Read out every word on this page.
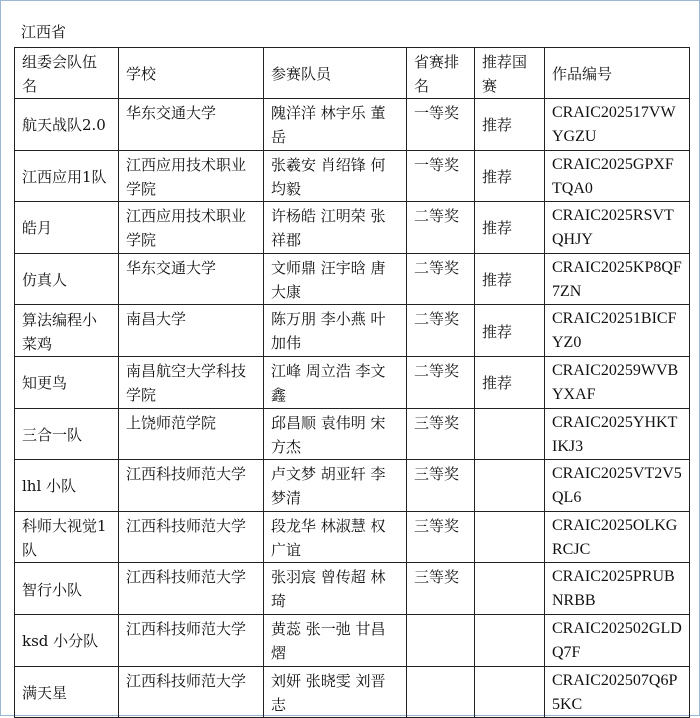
江西省
组委会队伍名	学校	参赛队员	省赛排名	推荐国赛	作品编号
航天战队2.0	华东交通大学	隗洋洋 林宇乐 董岳	一等奖	推荐	CRAIC202517VWYGZU
江西应用1队	江西应用技术职业学院	张羲安 肖绍锋 何均毅	一等奖	推荐	CRAIC2025GPXFTQA0
皓月	江西应用技术职业学院	许杨皓 江明荣 张祥郡	二等奖	推荐	CRAIC2025RSVTQHJY
仿真人	华东交通大学	文师鼎 汪宇晗 唐大康	二等奖	推荐	CRAIC2025KP8QF7ZN
算法编程小菜鸡	南昌大学	陈万朋 李小燕 叶加伟	二等奖	推荐	CRAIC20251BICFYZ0
知更鸟	南昌航空大学科技学院	江峰 周立浩 李文鑫	二等奖	推荐	CRAIC20259WVBYXAF
三合一队	上饶师范学院	邱昌顺 袁伟明 宋方杰	三等奖		CRAIC2025YHKTIKJ3
lhl 小队	江西科技师范大学	卢文梦 胡亚轩 李梦清	三等奖		CRAIC2025VT2V5QL6
科师大视觉1队	江西科技师范大学	段龙华 林淑慧 权广谊	三等奖		CRAIC2025OLKGRCJC
智行小队	江西科技师范大学	张羽宸 曾传超 林琦	三等奖		CRAIC2025PRUBNRBB
ksd 小分队	江西科技师范大学	黄蕊 张一弛 甘昌熠			CRAIC202502GLDQ7F
满天星	江西科技师范大学	刘妍 张晓雯 刘晋志			CRAIC202507Q6P5KC
